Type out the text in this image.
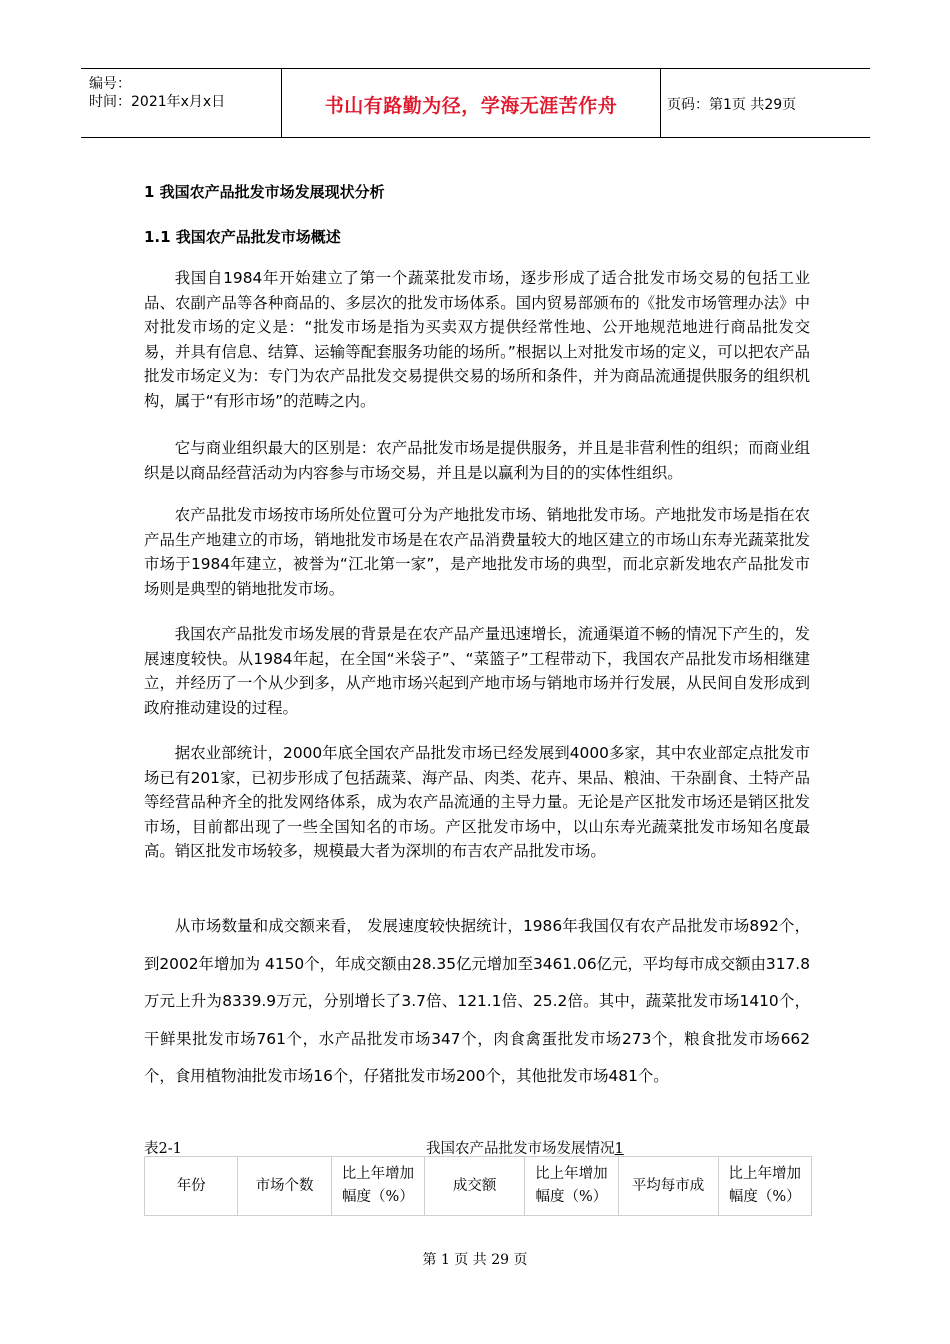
编号：
时间：2021年x月x日	书山有路勤为径，学海无涯苦作舟	页码：第1页 共29页
1 我国农产品批发市场发展现状分析
1.1 我国农产品批发市场概述

我国自1984年开始建立了第一个蔬菜批发市场，逐步形成了适合批发市场交易的包括工业品、农副产品等各种商品的、多层次的批发市场体系。国内贸易部颁布的《批发市场管理办法》中对批发市场的定义是：“批发市场是指为买卖双方提供经常性地、公开地规范地进行商品批发交易，并具有信息、结算、运输等配套服务功能的场所。”根据以上对批发市场的定义，可以把农产品批发市场定义为：专门为农产品批发交易提供交易的场所和条件，并为商品流通提供服务的组织机构，属于“有形市场”的范畴之内。

它与商业组织最大的区别是：农产品批发市场是提供服务，并且是非营利性的组织；而商业组织是以商品经营活动为内容参与市场交易，并且是以赢利为目的的实体性组织。

农产品批发市场按市场所处位置可分为产地批发市场、销地批发市场。产地批发市场是指在农产品生产地建立的市场，销地批发市场是在农产品消费量较大的地区建立的市场山东寿光蔬菜批发市场于1984年建立，被誉为“江北第一家”，是产地批发市场的典型，而北京新发地农产品批发市场则是典型的销地批发市场。

我国农产品批发市场发展的背景是在农产品产量迅速增长，流通渠道不畅的情况下产生的，发展速度较快。从1984年起，在全国“米袋子”、“菜篮子”工程带动下，我国农产品批发市场相继建立，并经历了一个从少到多，从产地市场兴起到产地市场与销地市场并行发展，从民间自发形成到政府推动建设的过程。

据农业部统计，2000年底全国农产品批发市场已经发展到4000多家，其中农业部定点批发市场已有201家，已初步形成了包括蔬菜、海产品、肉类、花卉、果品、粮油、干杂副食、土特产品等经营品种齐全的批发网络体系，成为农产品流通的主导力量。无论是产区批发市场还是销区批发市场，目前都出现了一些全国知名的市场。产区批发市场中，以山东寿光蔬菜批发市场知名度最高。销区批发市场较多，规模最大者为深圳的布吉农产品批发市场。

从市场数量和成交额来看， 发展速度较快据统计，1986年我国仅有农产品批发市场892个，到2002年增加为 4150个，年成交额由28.35亿元增加至3461.06亿元，平均每市成交额由317.8万元上升为8339.9万元，分别增长了3.7倍、121.1倍、25.2倍。其中，蔬菜批发市场1410个，干鲜果批发市场761个，水产品批发市场347个，肉食禽蛋批发市场273个，粮食批发市场662个，食用植物油批发市场16个，仔猪批发市场200个，其他批发市场481个。

表2-1	我国农产品批发市场发展情况1
年份	市场个数	比上年增加幅度（%）	成交额	比上年增加幅度（%）	平均每市成	比上年增加幅度（%）
第 1 页 共 29 页
